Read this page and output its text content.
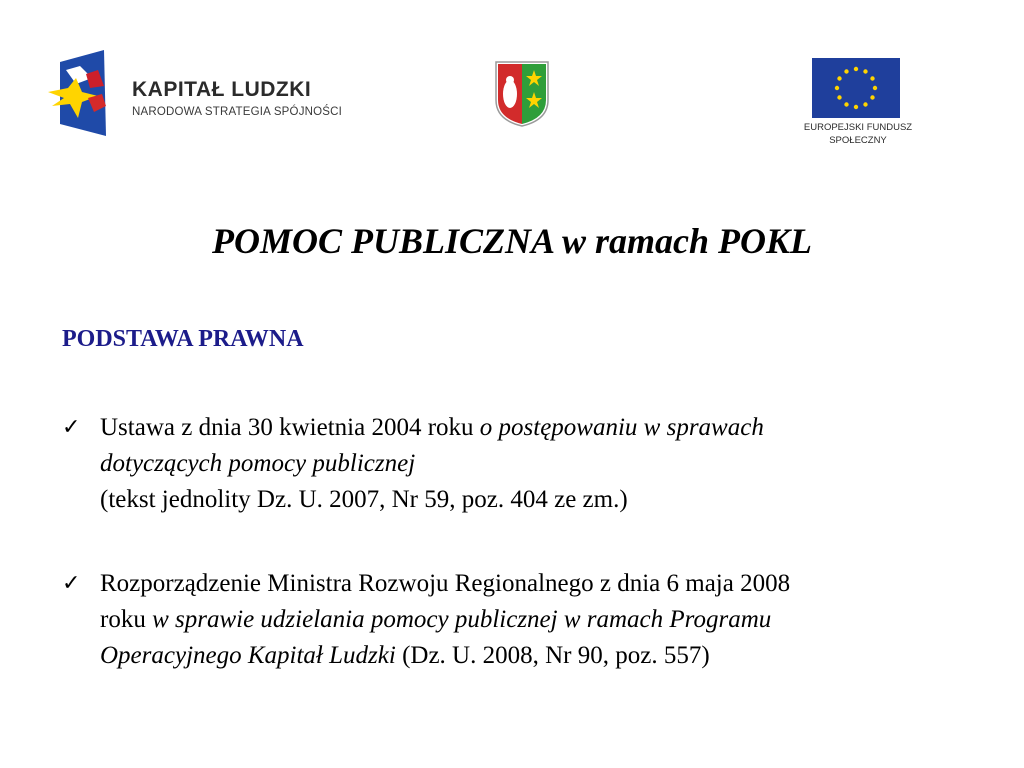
KAPITAŁ LUDZKI
NARODOWA STRATEGIA SPÓJNOŚCI
EUROPEJSKI FUNDUSZ
SPOŁECZNY
POMOC PUBLICZNA w ramach POKL
PODSTAWA PRAWNA
✓ Ustawa z dnia 30 kwietnia 2004 roku o postępowaniu w sprawach
dotyczących pomocy publicznej
(tekst jednolity Dz. U. 2007, Nr 59, poz. 404 ze zm.)

✓ Rozporządzenie Ministra Rozwoju Regionalnego z dnia 6 maja 2008
roku w sprawie udzielania pomocy publicznej w ramach Programu
Operacyjnego Kapitał Ludzki (Dz. U. 2008, Nr 90, poz. 557)
